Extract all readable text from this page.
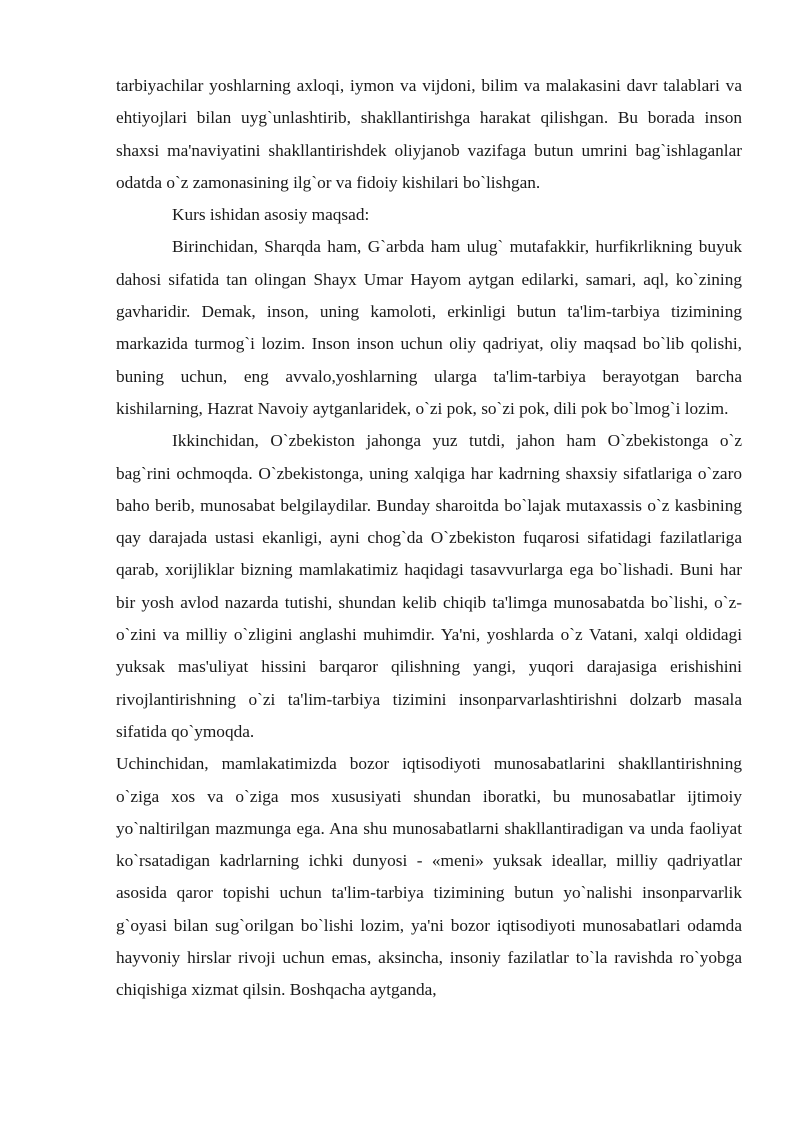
tarbiyachilar yoshlarning axloqi, iymon va vijdoni, bilim va malakasini davr talablari va ehtiyojlari bilan uyg`unlashtirib, shakllantirishga harakat qilishgan. Bu borada inson shaxsi ma'naviyatini shakllantirishdek oliyjanob vazifaga butun umrini bag`ishlaganlar odatda o`z zamonasining ilg`or va fidoiy kishilari bo`lishgan.

Kurs ishidan asosiy maqsad:

Birinchidan, Sharqda ham, G`arbda ham ulug` mutafakkir, hurfikrlikning buyuk dahosi sifatida tan olingan Shayx Umar Hayom aytgan edilarki, samari, aql, ko`zining gavharidir. Demak, inson, uning kamoloti, erkinligi butun ta'lim-tarbiya tizimining markazida turmog`i lozim. Inson inson uchun oliy qadriyat, oliy maqsad bo`lib qolishi, buning uchun, eng avvalo,yoshlarning ularga ta'lim-tarbiya berayotgan barcha kishilarning, Hazrat Navoiy aytganlaridek, o`zi pok, so`zi pok, dili pok bo`lmog`i lozim.

Ikkinchidan, O`zbekiston jahonga yuz tutdi, jahon ham O`zbekistonga o`z bag`rini ochmoqda. O`zbekistonga, uning xalqiga har kadrning shaxsiy sifatlariga o`zaro baho berib, munosabat belgilaydilar. Bunday sharoitda bo`lajak mutaxassis o`z kasbining qay darajada ustasi ekanligi, ayni chog`da O`zbekiston fuqarosi sifatidagi fazilatlariga qarab, xorijliklar bizning mamlakatimiz haqidagi tasavvurlarga ega bo`lishadi. Buni har bir yosh avlod nazarda tutishi, shundan kelib chiqib ta'limga munosabatda bo`lishi, o`z-o`zini va milliy o`zligini anglashi muhimdir. Ya'ni, yoshlarda o`z Vatani, xalqi oldidagi yuksak mas'uliyat hissini barqaror qilishning yangi, yuqori darajasiga erishishini rivojlantirishning o`zi ta'lim-tarbiya tizimini insonparvarlashtirishni dolzarb masala sifatida qo`ymoqda.

Uchinchidan, mamlakatimizda bozor iqtisodiyoti munosabatlarini shakllantirishning o`ziga xos va o`ziga mos xususiyati shundan iboratki, bu munosabatlar ijtimoiy yo`naltirilgan mazmunga ega. Ana shu munosabatlarni shakllantiradigan va unda faoliyat ko`rsatadigan kadrlarning ichki dunyosi - «meni» yuksak ideallar, milliy qadriyatlar asosida qaror topishi uchun ta'lim-tarbiya tizimining butun yo`nalishi insonparvarlik g`oyasi bilan sug`orilgan bo`lishi lozim, ya'ni bozor iqtisodiyoti munosabatlari odamda hayvoniy hirslar rivoji uchun emas, aksincha, insoniy fazilatlar to`la ravishda ro`yobga chiqishiga xizmat qilsin. Boshqacha aytganda,
